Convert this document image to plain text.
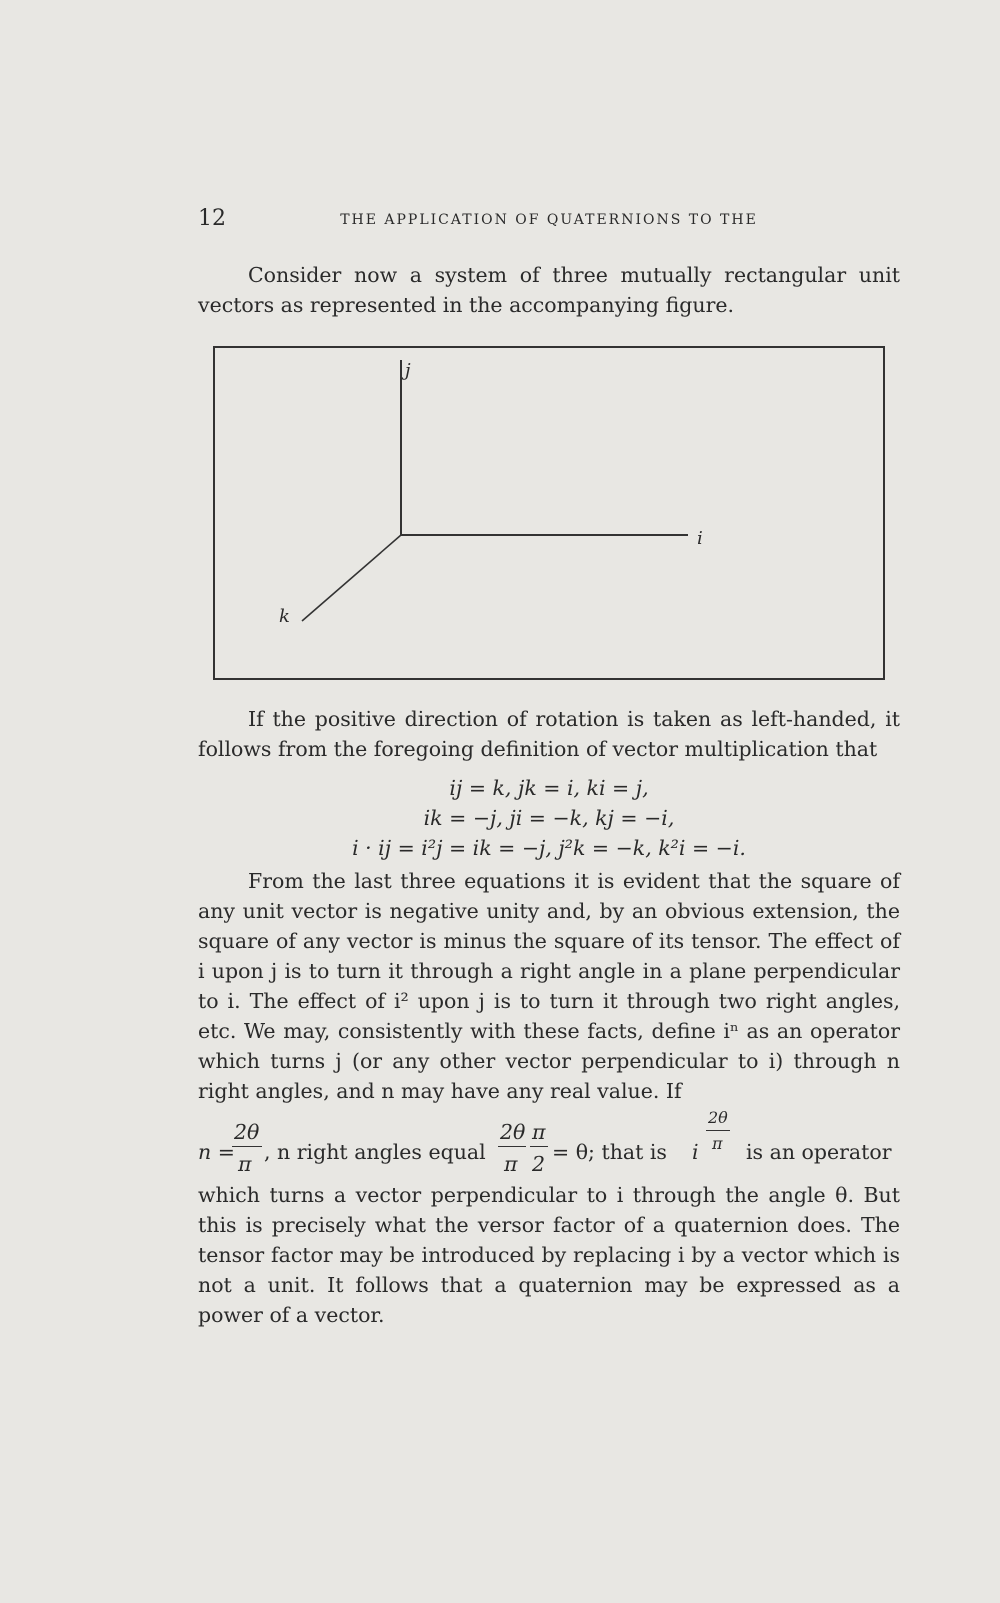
12	THE APPLICATION OF QUATERNIONS TO THE

Consider now a system of three mutually rectangular unit vectors as represented in the accompanying figure.

j
i
k

If the positive direction of rotation is taken as left-handed, it follows from the foregoing definition of vector multiplication that

ij = k, jk = i, ki = j,
ik = −j, ji = −k, kj = −i,
i · ij = i²j = ik = −j, j²k = −k, k²i = −i.

From the last three equations it is evident that the square of any unit vector is negative unity and, by an obvious extension, the square of any vector is minus the square of its tensor. The effect of i upon j is to turn it through a right angle in a plane perpendicular to i. The effect of i² upon j is to turn it through two right angles, etc. We may, consistently with these facts, define iⁿ as an operator which turns j (or any other vector perpendicular to i) through n right angles, and n may have any real value. If

n =
2θ
π , n right angles equal
2θ
π
π
2 = θ; that is i
2θ
π is an operator

which turns a vector perpendicular to i through the angle θ. But this is precisely what the versor factor of a quaternion does. The tensor factor may be introduced by replacing i by a vector which is not a unit. It follows that a quaternion may be expressed as a power of a vector.
